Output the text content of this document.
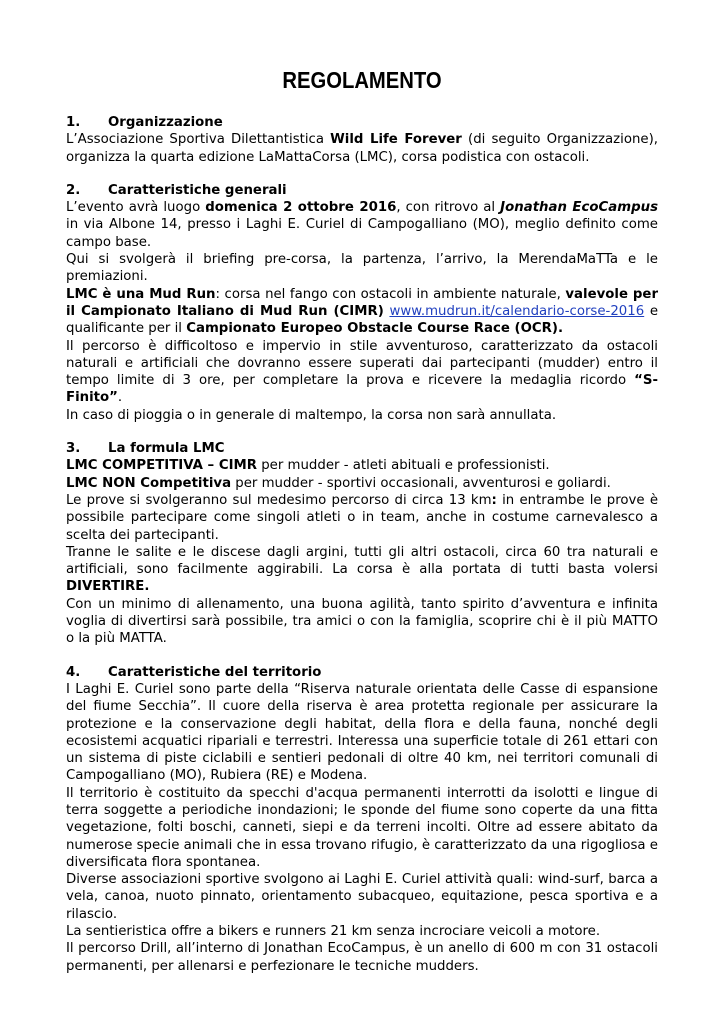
REGOLAMENTO
1.	Organizzazione

L’Associazione Sportiva Dilettantistica Wild Life Forever (di seguito Organizzazione), organizza la quarta edizione LaMattaCorsa (LMC), corsa podistica con ostacoli.

2.	Caratteristiche generali

L’evento avrà luogo domenica 2 ottobre 2016, con ritrovo al Jonathan EcoCampus in via Albone 14, presso i Laghi E. Curiel di Campogalliano (MO), meglio definito come campo base.

Qui si svolgerà il briefing pre-corsa, la partenza, l’arrivo, la MerendaMaTTa e le premiazioni.

LMC è una Mud Run: corsa nel fango con ostacoli in ambiente naturale, valevole per il Campionato Italiano di Mud Run (CIMR) www.mudrun.it/calendario-corse-2016 e qualificante per il Campionato Europeo Obstacle Course Race (OCR).

Il percorso è difficoltoso e impervio in stile avventuroso, caratterizzato da ostacoli naturali e artificiali che dovranno essere superati dai partecipanti (mudder) entro il tempo limite di 3 ore, per completare la prova e ricevere la medaglia ricordo “S-Finito”.

In caso di pioggia o in generale di maltempo, la corsa non sarà annullata.

3.	La formula LMC

LMC COMPETITIVA – CIMR per mudder - atleti abituali e professionisti.

LMC NON Competitiva per mudder - sportivi occasionali, avventurosi e goliardi.

Le prove si svolgeranno sul medesimo percorso di circa 13 km: in entrambe le prove è possibile partecipare come singoli atleti o in team, anche in costume carnevalesco a scelta dei partecipanti.

Tranne le salite e le discese dagli argini, tutti gli altri ostacoli, circa 60 tra naturali e artificiali, sono facilmente aggirabili. La corsa è alla portata di tutti basta volersi DIVERTIRE.

Con un minimo di allenamento, una buona agilità, tanto spirito d’avventura e infinita voglia di divertirsi sarà possibile, tra amici o con la famiglia, scoprire chi è il più MATTO o la più MATTA.

4.	Caratteristiche del territorio

I Laghi E. Curiel sono parte della “Riserva naturale orientata delle Casse di espansione del fiume Secchia”. Il cuore della riserva è area protetta regionale per assicurare la protezione e la conservazione degli habitat, della flora e della fauna, nonché degli ecosistemi acquatici ripariali e terrestri. Interessa una superficie totale di 261 ettari con un sistema di piste ciclabili e sentieri pedonali di oltre 40 km, nei territori comunali di Campogalliano (MO), Rubiera (RE) e Modena.

Il territorio è costituito da specchi d'acqua permanenti interrotti da isolotti e lingue di terra soggette a periodiche inondazioni; le sponde del fiume sono coperte da una fitta vegetazione, folti boschi, canneti, siepi e da terreni incolti. Oltre ad essere abitato da numerose specie animali che in essa trovano rifugio, è caratterizzato da una rigogliosa e diversificata flora spontanea.

Diverse associazioni sportive svolgono ai Laghi E. Curiel attività quali: wind-surf, barca a vela, canoa, nuoto pinnato, orientamento subacqueo, equitazione, pesca sportiva e a rilascio.

La sentieristica offre a bikers e runners 21 km senza incrociare veicoli a motore.

Il percorso Drill, all’interno di Jonathan EcoCampus, è un anello di 600 m con 31 ostacoli permanenti, per allenarsi e perfezionare le tecniche mudders.
